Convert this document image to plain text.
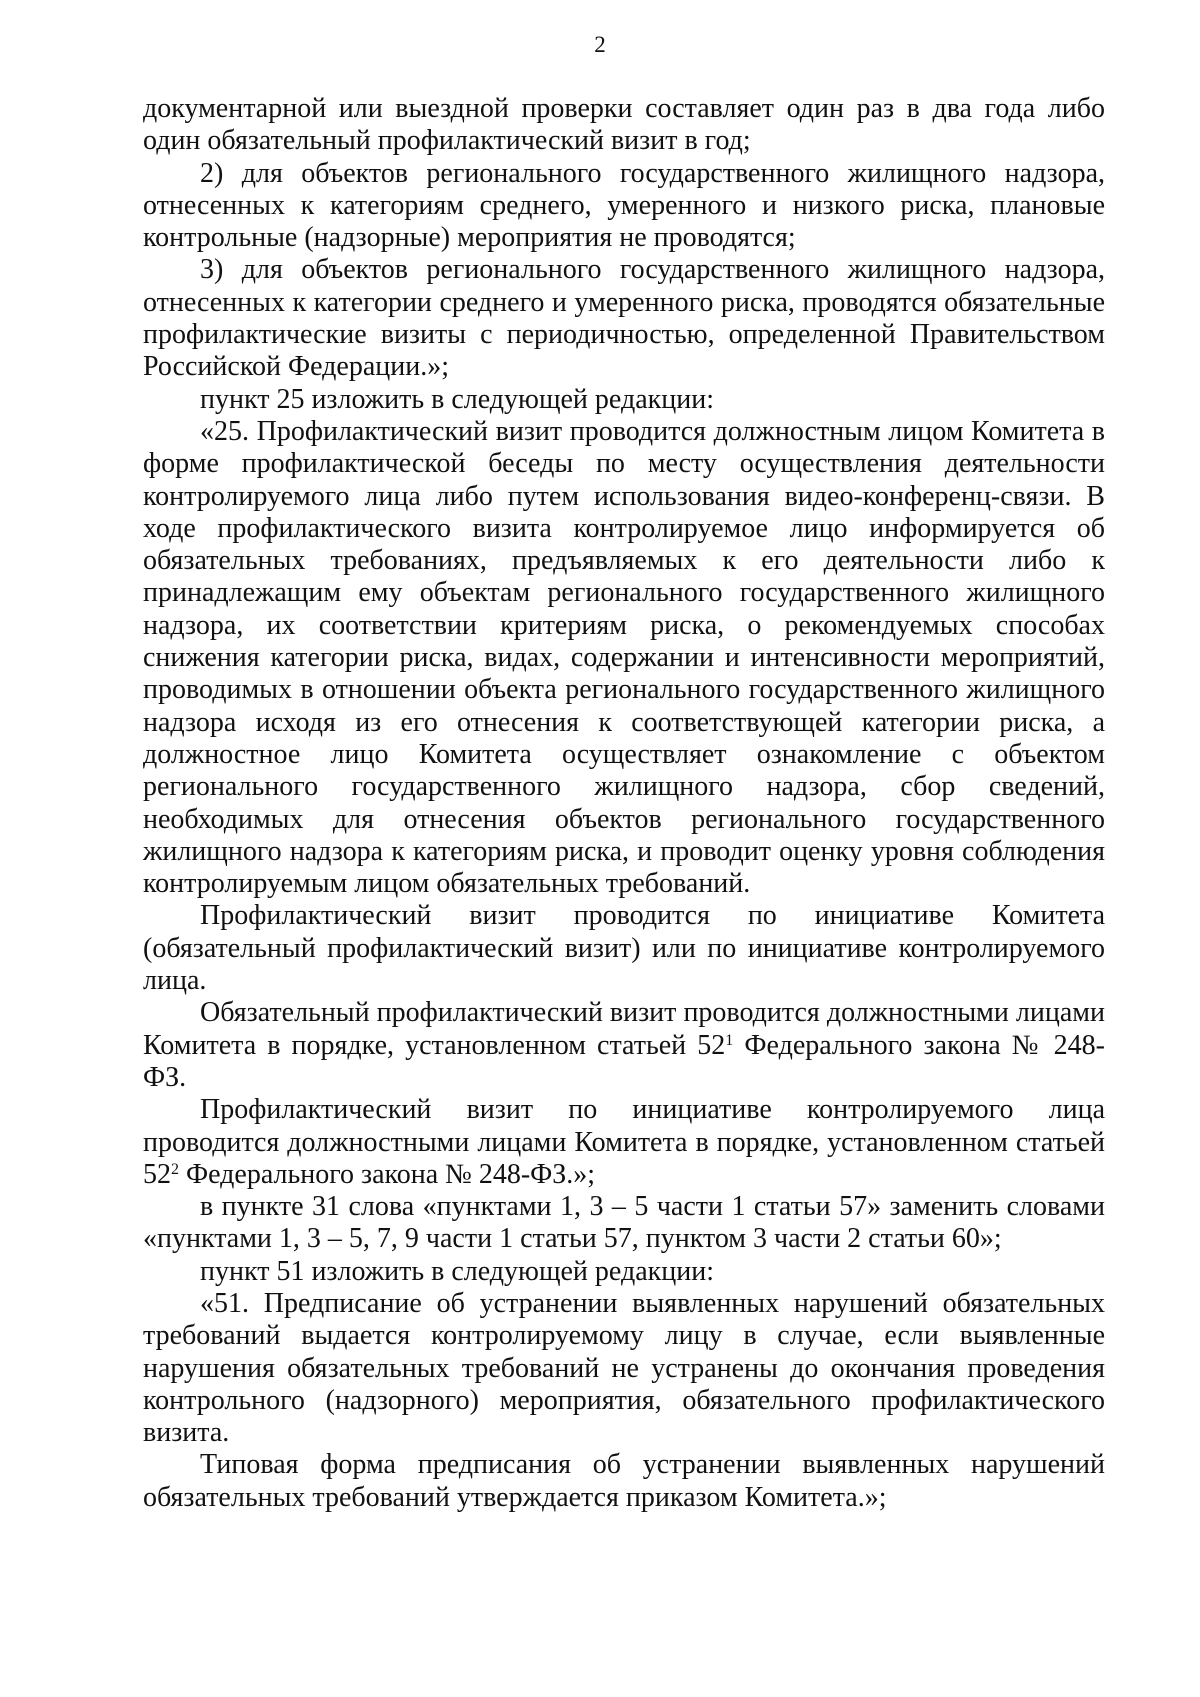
2

документарной или выездной проверки составляет один раз в два года либо один обязательный профилактический визит в год;

2) для объектов регионального государственного жилищного надзора, отнесенных к категориям среднего, умеренного и низкого риска, плановые контрольные (надзорные) мероприятия не проводятся;

3) для объектов регионального государственного жилищного надзора, отнесенных к категории среднего и умеренного риска, проводятся обязательные профилактические визиты с периодичностью, определенной Правительством Российской Федерации.»;

пункт 25 изложить в следующей редакции:

«25. Профилактический визит проводится должностным лицом Комитета в форме профилактической беседы по месту осуществления деятельности контролируемого лица либо путем использования видео-конференц-связи. В ходе профилактического визита контролируемое лицо информируется об обязательных требованиях, предъявляемых к его деятельности либо к принадлежащим ему объектам регионального государственного жилищного надзора, их соответствии критериям риска, о рекомендуемых способах снижения категории риска, видах, содержании и интенсивности мероприятий, проводимых в отношении объекта регионального государственного жилищного надзора исходя из его отнесения к соответствующей категории риска, а должностное лицо Комитета осуществляет ознакомление с объектом регионального государственного жилищного надзора, сбор сведений, необходимых для отнесения объектов регионального государственного жилищного надзора к категориям риска, и проводит оценку уровня соблюдения контролируемым лицом обязательных требований.

Профилактический визит проводится по инициативе Комитета (обязательный профилактический визит) или по инициативе контролируемого лица.

Обязательный профилактический визит проводится должностными лицами Комитета в порядке, установленном статьей $52^1$ Федерального закона № 248-ФЗ.

Профилактический визит по инициативе контролируемого лица проводится должностными лицами Комитета в порядке, установленном статьей $52^2$ Федерального закона № 248-ФЗ.»;

в пункте 31 слова «пунктами 1, 3 – 5 части 1 статьи 57» заменить словами «пунктами 1, 3 – 5, 7, 9 части 1 статьи 57, пунктом 3 части 2 статьи 60»;

пункт 51 изложить в следующей редакции:

«51. Предписание об устранении выявленных нарушений обязательных требований выдается контролируемому лицу в случае, если выявленные нарушения обязательных требований не устранены до окончания проведения контрольного (надзорного) мероприятия, обязательного профилактического визита.

Типовая форма предписания об устранении выявленных нарушений обязательных требований утверждается приказом Комитета.»;
